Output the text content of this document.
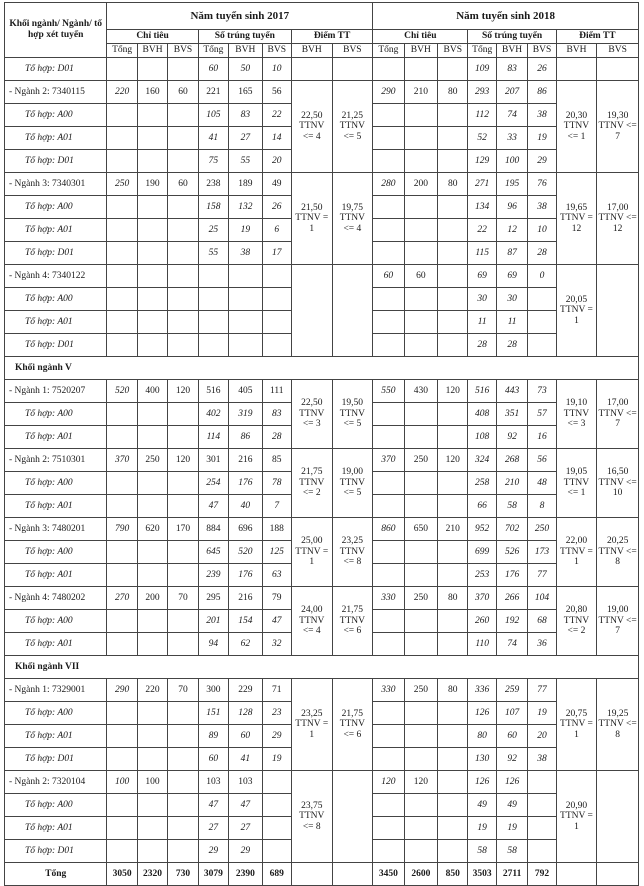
Khối ngành/ Ngành/ tổ hợp xét tuyển	Năm tuyển sinh 2017								Năm tuyển sinh 2018							
	Chỉ tiêu			Số trúng tuyển			Điểm TT		Chỉ tiêu			Số trúng tuyển			Điểm TT	
	Tổng	BVH	BVS	Tổng	BVH	BVS	BVH	BVS	Tổng	BVH	BVS	Tổng	BVH	BVS	BVH	BVS
Tổ hợp: D01				60	50	10						109	83	26		
- Ngành 2: 7340115	220	160	60	221	165	56	22,50 TTNV <= 4	21,25 TTNV <= 5	290	210	80	293	207	86	20,30 TTNV <= 1	19,30 TTNV <= 7
Tổ hợp: A00				105	83	22						112	74	38		
Tổ hợp: A01				41	27	14						52	33	19		
Tổ hợp: D01				75	55	20						129	100	29		
- Ngành 3: 7340301	250	190	60	238	189	49	21,50 TTNV = 1	19,75 TTNV <= 4	280	200	80	271	195	76	19,65 TTNV = 12	17,00 TTNV <= 12
Tổ hợp: A00				158	132	26						134	96	38		
Tổ hợp: A01				25	19	6						22	12	10		
Tổ hợp: D01				55	38	17						115	87	28		
- Ngành 4: 7340122									60	60		69	69	0	20,05 TTNV = 1	
Tổ hợp: A00												30	30			
Tổ hợp: A01												11	11			
Tổ hợp: D01												28	28			
Khối ngành V																
- Ngành 1: 7520207	520	400	120	516	405	111	22,50 TTNV <= 3	19,50 TTNV <= 5	550	430	120	516	443	73	19,10 TTNV <= 3	17,00 TTNV <= 7
Tổ hợp: A00				402	319	83						408	351	57		
Tổ hợp: A01				114	86	28						108	92	16		
- Ngành 2: 7510301	370	250	120	301	216	85	21,75 TTNV <= 2	19,00 TTNV <= 5	370	250	120	324	268	56	19,05 TTNV <= 1	16,50 TTNV <= 10
Tổ hợp: A00				254	176	78						258	210	48		
Tổ hợp: A01				47	40	7						66	58	8		
- Ngành 3: 7480201	790	620	170	884	696	188	25,00 TTNV = 1	23,25 TTNV <= 8	860	650	210	952	702	250	22,00 TTNV = 1	20,25 TTNV <= 8
Tổ hợp: A00				645	520	125						699	526	173		
Tổ hợp: A01				239	176	63						253	176	77		
- Ngành 4: 7480202	270	200	70	295	216	79	24,00 TTNV <= 4	21,75 TTNV <= 6	330	250	80	370	266	104	20,80 TTNV <= 2	19,00 TTNV <= 7
Tổ hợp: A00				201	154	47						260	192	68		
Tổ hợp: A01				94	62	32						110	74	36		
Khối ngành VII																
- Ngành 1: 7329001	290	220	70	300	229	71	23,25 TTNV = 1	21,75 TTNV <= 6	330	250	80	336	259	77	20,75 TTNV = 1	19,25 TTNV <= 8
Tổ hợp: A00				151	128	23						126	107	19		
Tổ hợp: A01				89	60	29						80	60	20		
Tổ hợp: D01				60	41	19						130	92	38		
- Ngành 2: 7320104	100	100		103	103		23,75 TTNV <= 8		120	120		126	126		20,90 TTNV = 1	
Tổ hợp: A00				47	47							49	49			
Tổ hợp: A01				27	27							19	19			
Tổ hợp: D01				29	29							58	58			
Tổng	3050	2320	730	3079	2390	689			3450	2600	850	3503	2711	792		
